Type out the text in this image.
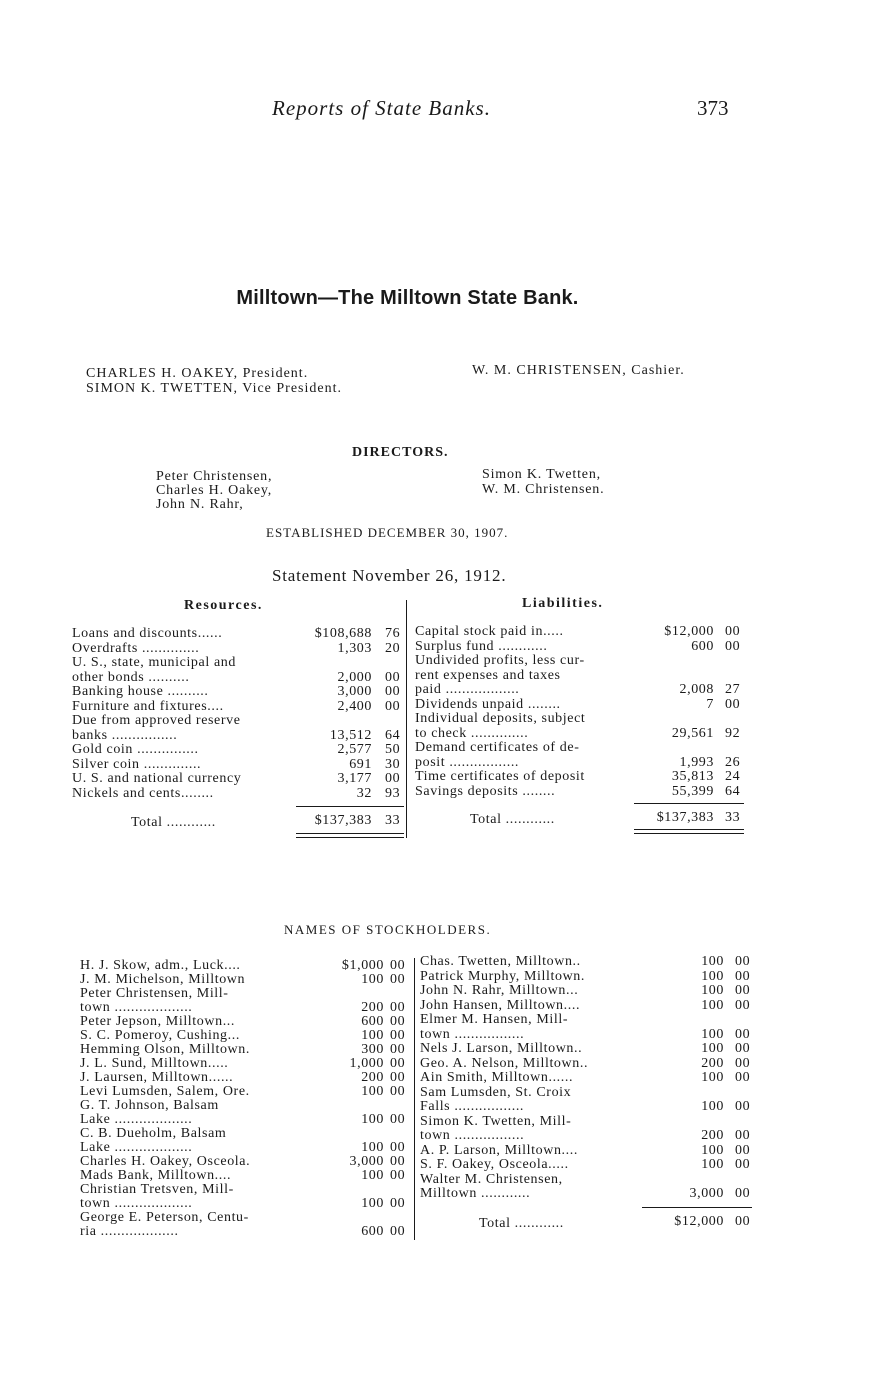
Reports of State Banks.	373
Milltown—The Milltown State Bank.
CHARLES H. OAKEY, President.
SIMON K. TWETTEN, Vice President.
W. M. CHRISTENSEN, Cashier.
DIRECTORS.
Peter Christensen,
Charles H. Oakey,
John N. Rahr,
Simon K. Twetten,
W. M. Christensen.
ESTABLISHED DECEMBER 30, 1907.
Statement November 26, 1912.
Resources.	Liabilities.
Loans and discounts......	$108,688 76
Overdrafts ..............	1,303 20
U. S., state, municipal and
other bonds ..........	2,000 00
Banking house ..........	3,000 00
Furniture and fixtures....	2,400 00
Due from approved reserve
banks ................	13,512 64
Gold coin ...............	2,577 50
Silver coin ..............	691 30
U. S. and national currency	3,177 00
Nickels and cents........	32 93
Capital stock paid in.....	$12,000 00
Surplus fund ............	600 00
Undivided profits, less cur-
rent expenses and taxes
paid ..................	2,008 27
Dividends unpaid ........	7 00
Individual deposits, subject
to check ..............	29,561 92
Demand certificates of de-
posit .................	1,993 26
Time certificates of deposit	35,813 24
Savings deposits ........	55,399 64
Total ............	$137,383 33	Total ............	$137,383 33
NAMES OF STOCKHOLDERS.
H. J. Skow, adm., Luck....	$1,000 00
J. M. Michelson, Milltown	100 00
Peter Christensen, Mill-
town ...................	200 00
Peter Jepson, Milltown...	600 00
S. C. Pomeroy, Cushing...	100 00
Hemming Olson, Milltown.	300 00
J. L. Sund, Milltown.....	1,000 00
J. Laursen, Milltown......	200 00
Levi Lumsden, Salem, Ore.	100 00
G. T. Johnson, Balsam
Lake ...................	100 00
C. B. Dueholm, Balsam
Lake ...................	100 00
Charles H. Oakey, Osceola.	3,000 00
Mads Bank, Milltown....	100 00
Christian Tretsven, Mill-
town ...................	100 00
George E. Peterson, Centu-
ria ...................	600 00
Chas. Twetten, Milltown..	100 00
Patrick Murphy, Milltown.	100 00
John N. Rahr, Milltown...	100 00
John Hansen, Milltown....	100 00
Elmer M. Hansen, Mill-
town .................	100 00
Nels J. Larson, Milltown..	100 00
Geo. A. Nelson, Milltown..	200 00
Ain Smith, Milltown......	100 00
Sam Lumsden, St. Croix
Falls .................	100 00
Simon K. Twetten, Mill-
town .................	200 00
A. P. Larson, Milltown....	100 00
S. F. Oakey, Osceola.....	100 00
Walter M. Christensen,
Milltown ............	3,000 00
Total ............	$12,000 00
